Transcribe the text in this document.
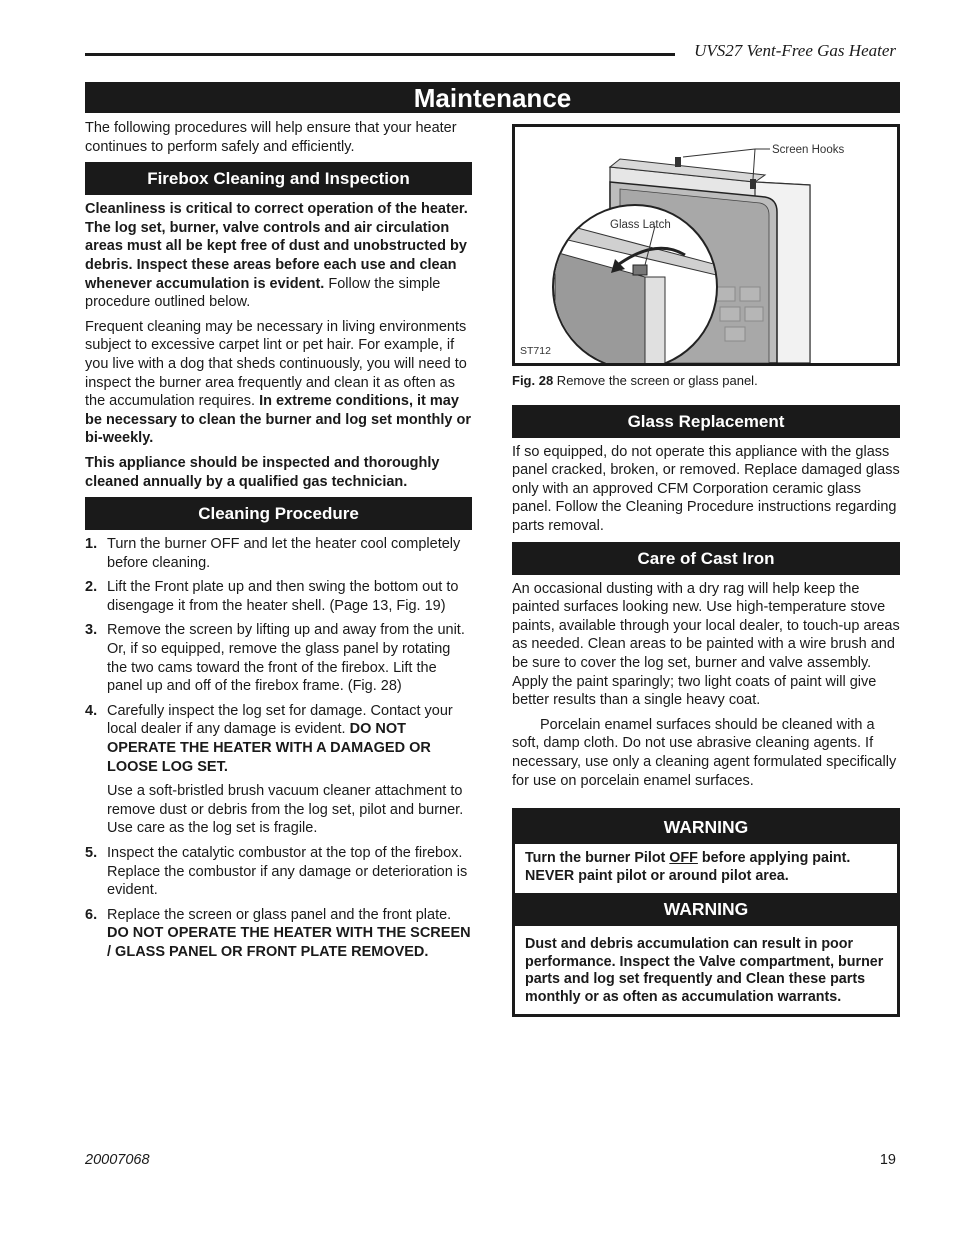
UVS27 Vent-Free Gas Heater
Maintenance

The following procedures will help ensure that your heater continues to perform safely and efficiently.

Firebox Cleaning and Inspection

Cleanliness is critical to correct operation of the heater. The log set, burner, valve controls and air circulation areas must all be kept free of dust and unobstructed by debris. Inspect these areas before each use and clean whenever accumulation is evident. Follow the simple procedure outlined below.

Frequent cleaning may be necessary in living environments subject to excessive carpet lint or pet hair. For example, if you live with a dog that sheds continuously, you will need to inspect the burner area frequently and clean it as often as the accumulation requires. In extreme conditions, it may be necessary to clean the burner and log set monthly or bi-weekly.

This appliance should be inspected and thoroughly cleaned annually by a qualified gas technician.

Cleaning Procedure
1. Turn the burner OFF and let the heater cool completely before cleaning.
2. Lift the Front plate up and then swing the bottom out to disengage it from the heater shell. (Page 13, Fig. 19)
3. Remove the screen by lifting up and away from the unit. Or, if so equipped, remove the glass panel by rotating the two cams toward the front of the firebox. Lift the panel up and off of the firebox frame. (Fig. 28)
4. Carefully inspect the log set for damage. Contact your local dealer if any damage is evident. DO NOT OPERATE THE HEATER WITH A DAMAGED OR LOOSE LOG SET.
Use a soft-bristled brush vacuum cleaner attachment to remove dust or debris from the log set, pilot and burner. Use care as the log set is fragile.
5. Inspect the catalytic combustor at the top of the firebox. Replace the combustor if any damage or deterioration is evident.
6. Replace the screen or glass panel and the front plate. DO NOT OPERATE THE HEATER WITH THE SCREEN / GLASS PANEL OR FRONT PLATE REMOVED.
Screen Hooks
Glass Latch
ST712

Fig. 28 Remove the screen or glass panel.

Glass Replacement

If so equipped, do not operate this appliance with the glass panel cracked, broken, or removed. Replace damaged glass only with an approved CFM Corporation ceramic glass panel. Follow the Cleaning Procedure instructions regarding parts removal.

Care of Cast Iron

An occasional dusting with a dry rag will help keep the painted surfaces looking new. Use high-temperature stove paints, available through your local dealer, to touch-up areas as needed. Clean areas to be painted with a wire brush and be sure to cover the log set, burner and valve assembly. Apply the paint sparingly; two light coats of paint will give better results than a single heavy coat.

Porcelain enamel surfaces should be cleaned with a soft, damp cloth. Do not use abrasive cleaning agents. If necessary, use only a cleaning agent formulated specifically for use on porcelain enamel surfaces.

WARNING
Turn the burner Pilot OFF before applying paint. NEVER paint pilot or around pilot area.
WARNING
Dust and debris accumulation can result in poor performance. Inspect the Valve compartment, burner parts and log set frequently and Clean these parts monthly or as often as accumulation warrants.
20007068	19
